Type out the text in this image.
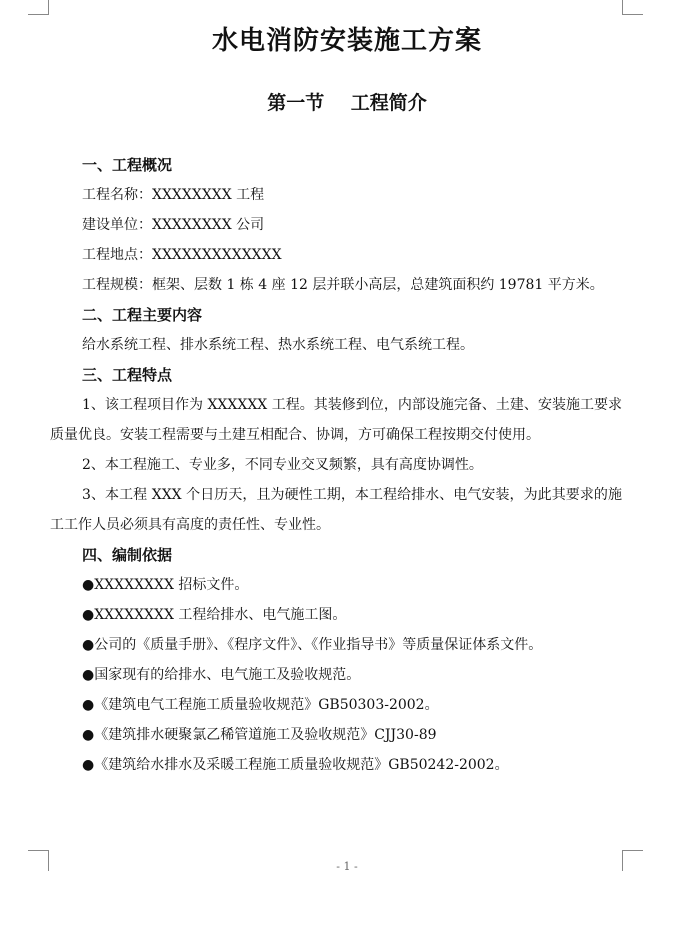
水电消防安装施工方案
第一节    工程简介
一、工程概况
工程名称：XXXXXXXX 工程
建设单位：XXXXXXXX 公司
工程地点：XXXXXXXXXXXXX
工程规模：框架、层数 1 栋 4 座 12 层并联小高层，总建筑面积约 19781 平方米。
二、工程主要内容
给水系统工程、排水系统工程、热水系统工程、电气系统工程。
三、工程特点
1、该工程项目作为 XXXXXX 工程。其装修到位，内部设施完备、土建、安装施工要求质量优良。安装工程需要与土建互相配合、协调，方可确保工程按期交付使用。
2、本工程施工、专业多，不同专业交叉频繁，具有高度协调性。
3、本工程 XXX 个日历天，且为硬性工期，本工程给排水、电气安装，为此其要求的施工工作人员必须具有高度的责任性、专业性。
四、编制依据
●XXXXXXXX 招标文件。
●XXXXXXXX 工程给排水、电气施工图。
●公司的《质量手册》、《程序文件》、《作业指导书》等质量保证体系文件。
●国家现有的给排水、电气施工及验收规范。
●《建筑电气工程施工质量验收规范》GB50303-2002。
●《建筑排水硬聚氯乙稀管道施工及验收规范》CJJ30-89
●《建筑给水排水及采暖工程施工质量验收规范》GB50242-2002。
- 1 -
